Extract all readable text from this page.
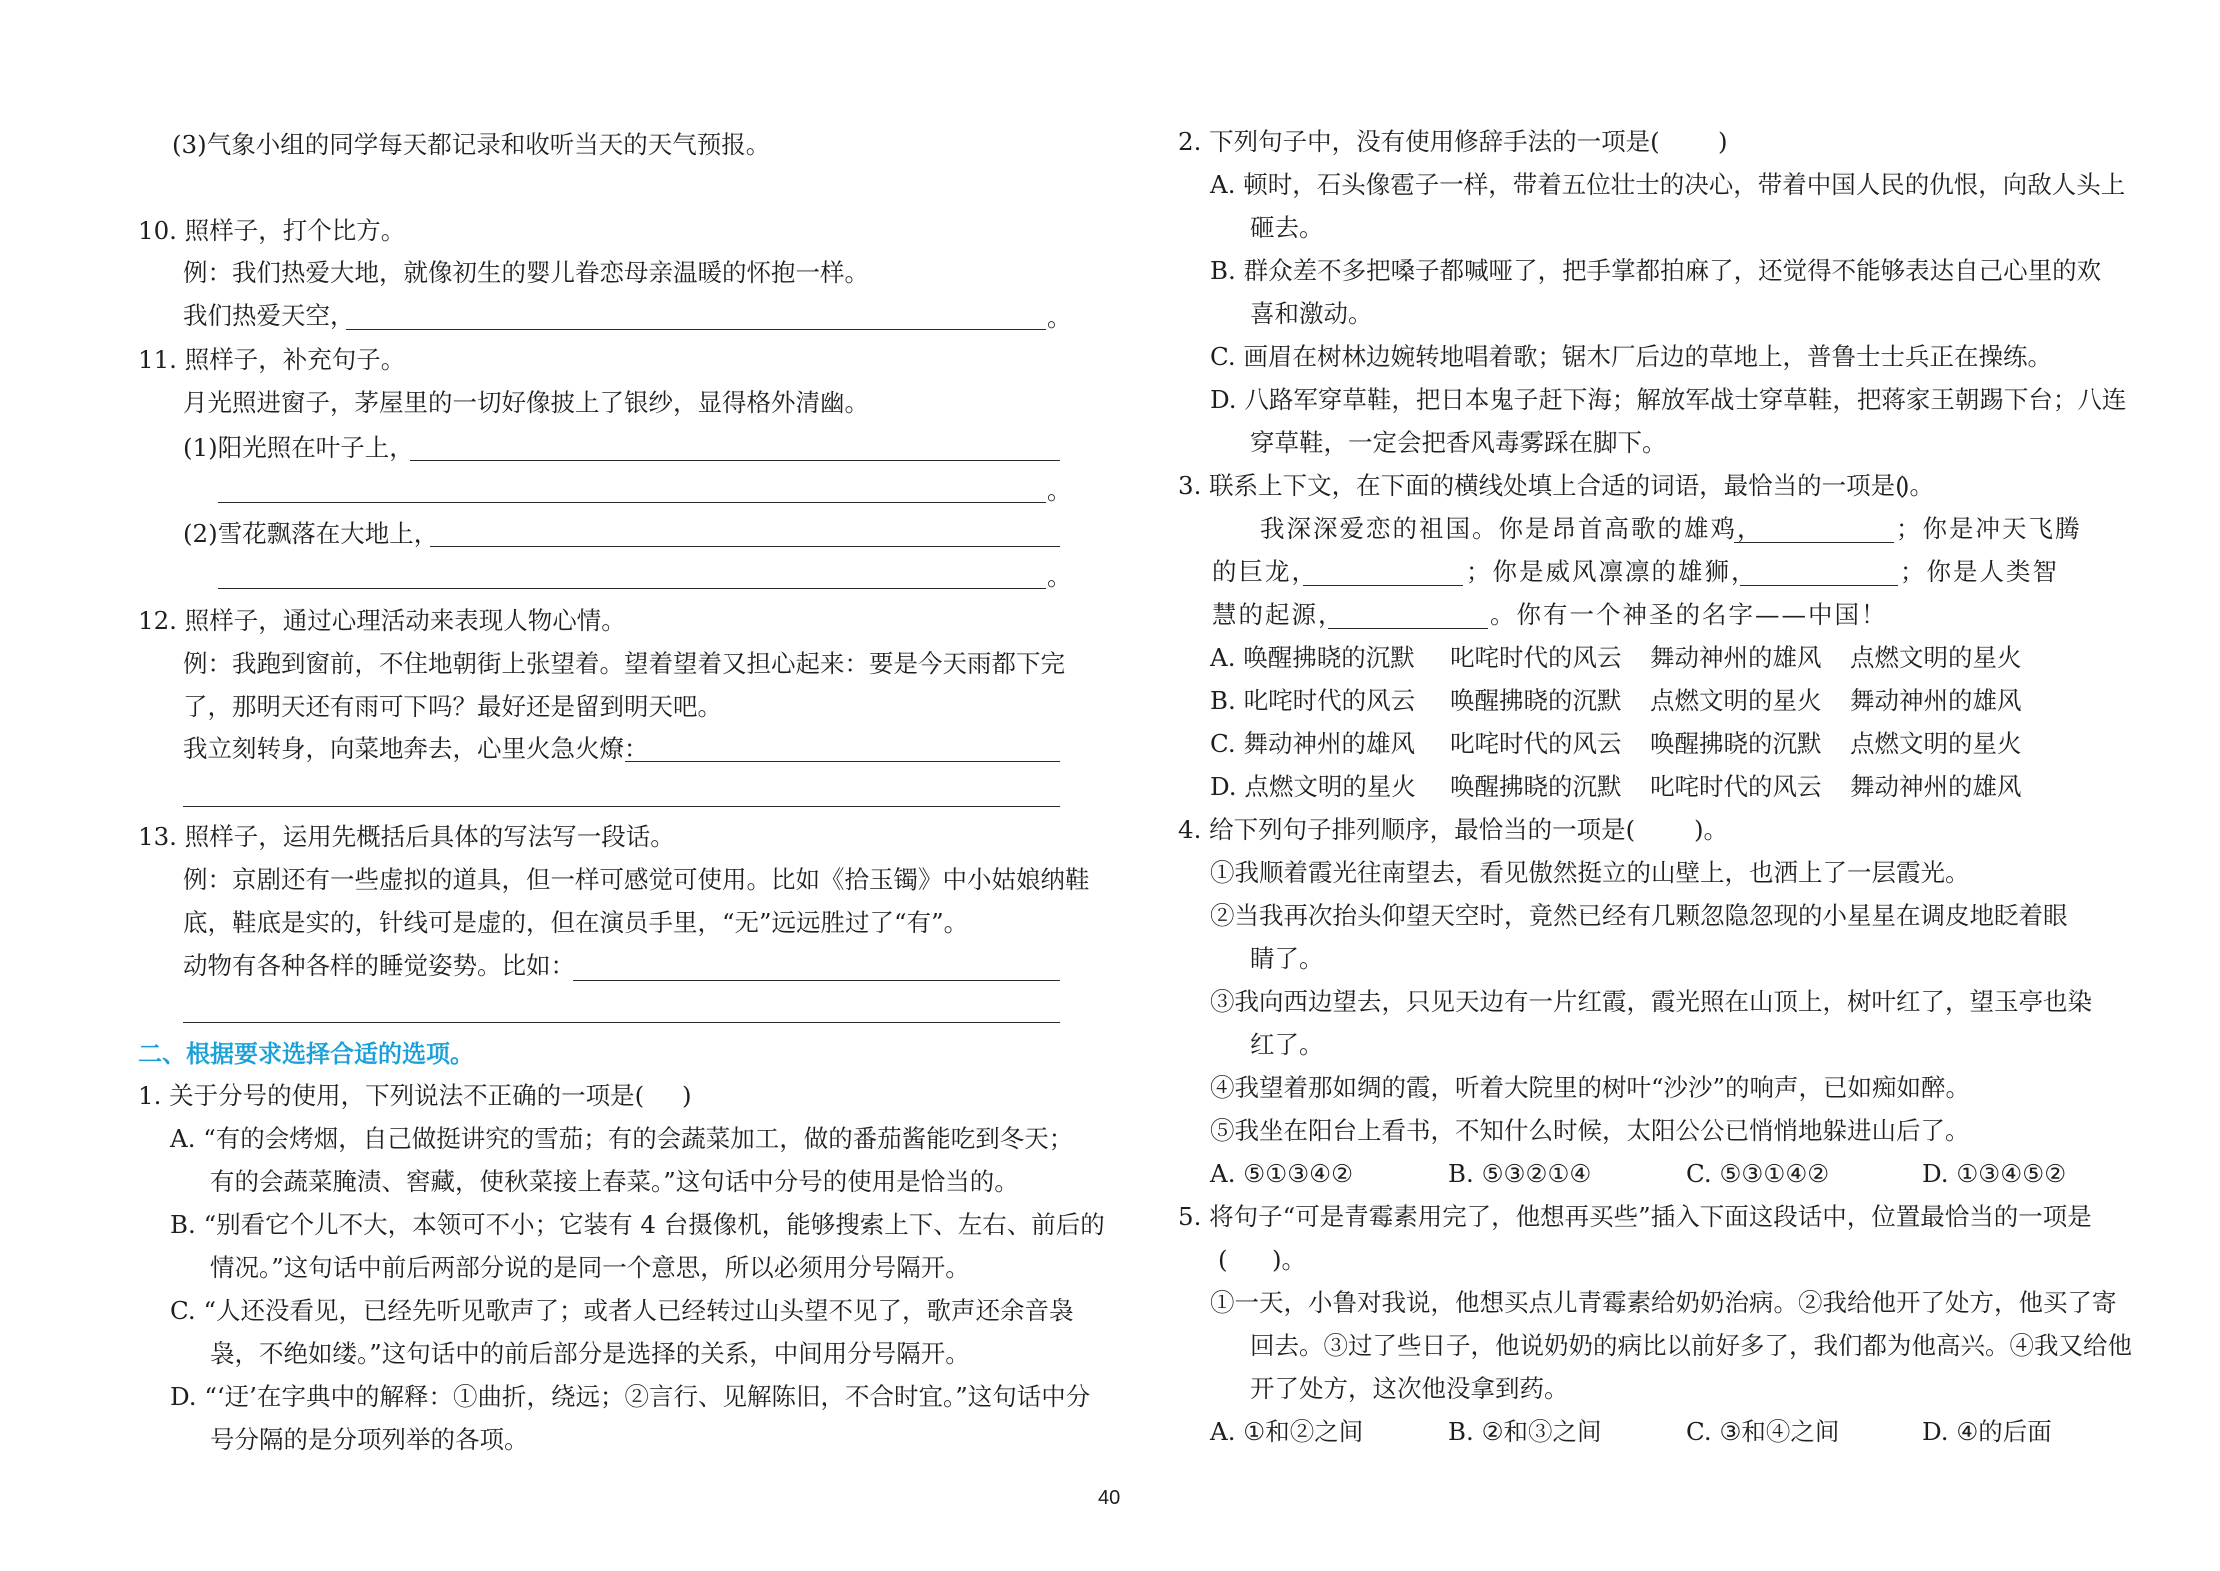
(3)气象小组的同学每天都记录和收听当天的天气预报。
10. 照样子，打个比方。
例：我们热爱大地，就像初生的婴儿眷恋母亲温暖的怀抱一样。
我们热爱天空，	。
11. 照样子，补充句子。
月光照进窗子，茅屋里的一切好像披上了银纱，显得格外清幽。
(1)阳光照在叶子上，
。
(2)雪花飘落在大地上，
。
12. 照样子，通过心理活动来表现人物心情。
例：我跑到窗前，不住地朝街上张望着。望着望着又担心起来：要是今天雨都下完
了，那明天还有雨可下吗？最好还是留到明天吧。
我立刻转身，向菜地奔去，心里火急火燎：
13. 照样子，运用先概括后具体的写法写一段话。
例：京剧还有一些虚拟的道具，但一样可感觉可使用。比如《拾玉镯》中小姑娘纳鞋
底，鞋底是实的，针线可是虚的，但在演员手里，“无”远远胜过了“有”。
动物有各种各样的睡觉姿势。比如：
二、根据要求选择合适的选项。
1. 关于分号的使用，下列说法不正确的一项是( )
A. “有的会烤烟，自己做挺讲究的雪茄；有的会蔬菜加工，做的番茄酱能吃到冬天；
有的会蔬菜腌渍、窖藏，使秋菜接上春菜。”这句话中分号的使用是恰当的。
B. “别看它个儿不大，本领可不小；它装有 4 台摄像机，能够搜索上下、左右、前后的
情况。”这句话中前后两部分说的是同一个意思，所以必须用分号隔开。
C. “人还没看见，已经先听见歌声了；或者人已经转过山头望不见了，歌声还余音袅
袅，不绝如缕。”这句话中的前后部分是选择的关系，中间用分号隔开。
D. “‘迂’在字典中的解释：①曲折，绕远；②言行、见解陈旧，不合时宜。”这句话中分
号分隔的是分项列举的各项。
2. 下列句子中，没有使用修辞手法的一项是( )
A. 顿时，石头像雹子一样，带着五位壮士的决心，带着中国人民的仇恨，向敌人头上
砸去。
B. 群众差不多把嗓子都喊哑了，把手掌都拍麻了，还觉得不能够表达自己心里的欢
喜和激动。
C. 画眉在树林边婉转地唱着歌；锯木厂后边的草地上，普鲁士士兵正在操练。
D. 八路军穿草鞋，把日本鬼子赶下海；解放军战士穿草鞋，把蒋家王朝踢下台；八连
穿草鞋，一定会把香风毒雾踩在脚下。
3. 联系上下文，在下面的横线处填上合适的词语，最恰当的一项是(
)。
我深深爱恋的祖国。你是昂首高歌的雄鸡，	；你是冲天飞腾
的巨龙，	；你是威风凛凛的雄狮，	；你是人类智
慧的起源，	。你有一个神圣的名字——中国！
A. 唤醒拂晓的沉默 叱咤时代的风云 舞动神州的雄风 点燃文明的星火
B. 叱咤时代的风云 唤醒拂晓的沉默 点燃文明的星火 舞动神州的雄风
C. 舞动神州的雄风 叱咤时代的风云 唤醒拂晓的沉默 点燃文明的星火
D. 点燃文明的星火 唤醒拂晓的沉默 叱咤时代的风云 舞动神州的雄风
4. 给下列句子排列顺序，最恰当的一项是( )。
①我顺着霞光往南望去，看见傲然挺立的山壁上，也洒上了一层霞光。
②当我再次抬头仰望天空时，竟然已经有几颗忽隐忽现的小星星在调皮地眨着眼
睛了。
③我向西边望去，只见天边有一片红霞，霞光照在山顶上，树叶红了，望玉亭也染
红了。
④我望着那如绸的霞，听着大院里的树叶“沙沙”的响声，已如痴如醉。
⑤我坐在阳台上看书，不知什么时候，太阳公公已悄悄地躲进山后了。
A. ⑤①③④②	B. ⑤③②①④	C. ⑤③①④②	D. ①③④⑤②
5. 将句子“可是青霉素用完了，他想再买些”插入下面这段话中，位置最恰当的一项是
( )。
①一天，小鲁对我说，他想买点儿青霉素给奶奶治病。②我给他开了处方，他买了寄
回去。③过了些日子，他说奶奶的病比以前好多了，我们都为他高兴。④我又给他
开了处方，这次他没拿到药。
A. ①和②之间	B. ②和③之间	C. ③和④之间	D. ④的后面
40
